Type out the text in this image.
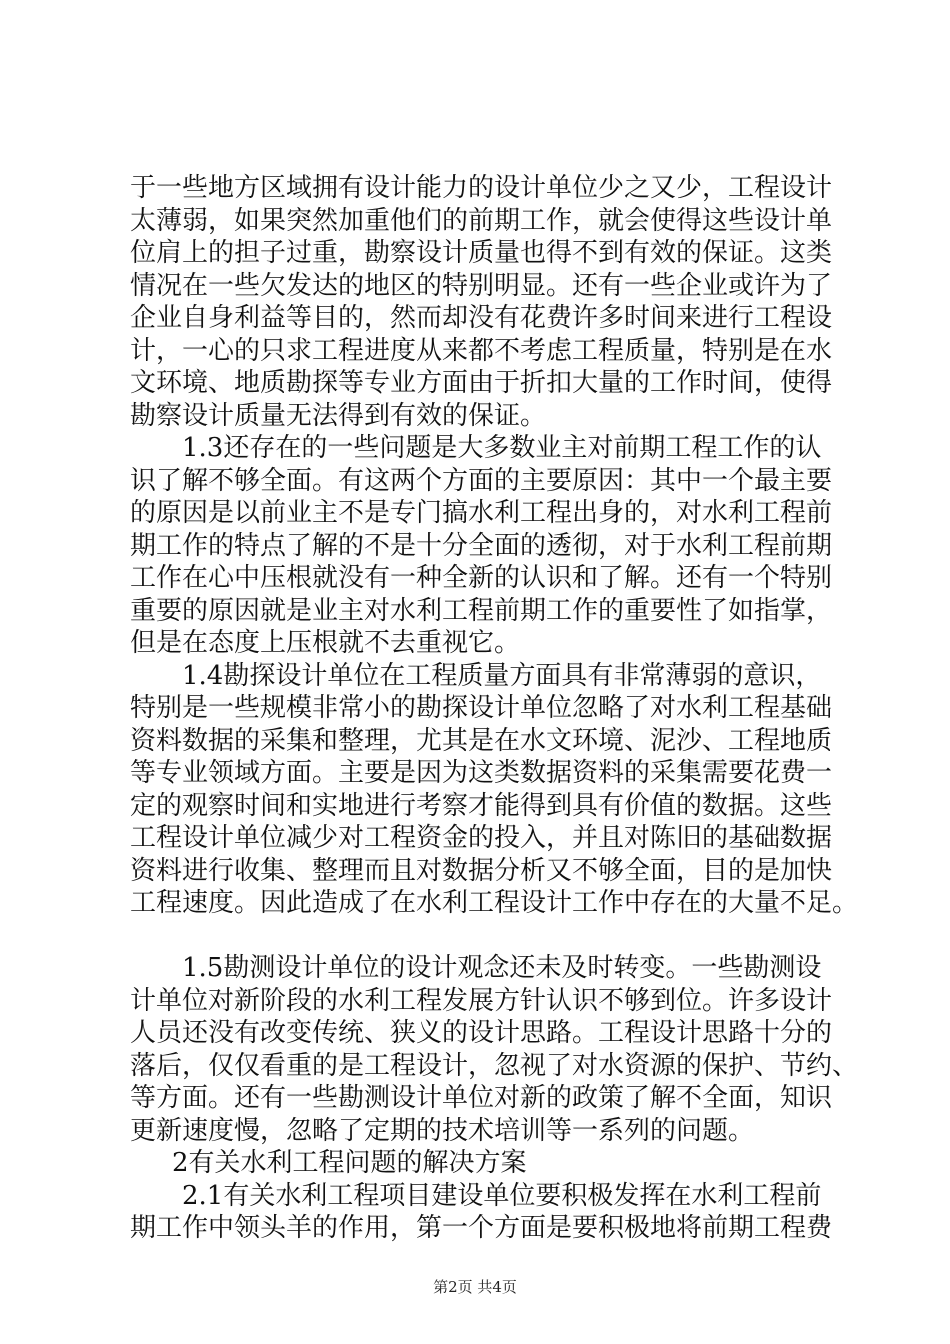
于一些地方区域拥有设计能力的设计单位少之又少，工程设计
太薄弱，如果突然加重他们的前期工作，就会使得这些设计单
位肩上的担子过重，勘察设计质量也得不到有效的保证。这类
情况在一些欠发达的地区的特别明显。还有一些企业或许为了
企业自身利益等目的，然而却没有花费许多时间来进行工程设
计，一心的只求工程进度从来都不考虑工程质量，特别是在水
文环境、地质勘探等专业方面由于折扣大量的工作时间，使得
勘察设计质量无法得到有效的保证。
1.3还存在的一些问题是大多数业主对前期工程工作的认
识了解不够全面。有这两个方面的主要原因：其中一个最主要
的原因是以前业主不是专门搞水利工程出身的，对水利工程前
期工作的特点了解的不是十分全面的透彻，对于水利工程前期
工作在心中压根就没有一种全新的认识和了解。还有一个特别
重要的原因就是业主对水利工程前期工作的重要性了如指掌，
但是在态度上压根就不去重视它。
1.4勘探设计单位在工程质量方面具有非常薄弱的意识，
特别是一些规模非常小的勘探设计单位忽略了对水利工程基础
资料数据的采集和整理，尤其是在水文环境、泥沙、工程地质
等专业领域方面。主要是因为这类数据资料的采集需要花费一
定的观察时间和实地进行考察才能得到具有价值的数据。这些
工程设计单位减少对工程资金的投入，并且对陈旧的基础数据
资料进行收集、整理而且对数据分析又不够全面，目的是加快
工程速度。因此造成了在水利工程设计工作中存在的大量不足。
1.5勘测设计单位的设计观念还未及时转变。一些勘测设
计单位对新阶段的水利工程发展方针认识不够到位。许多设计
人员还没有改变传统、狭义的设计思路。工程设计思路十分的
落后，仅仅看重的是工程设计，忽视了对水资源的保护、节约、
等方面。还有一些勘测设计单位对新的政策了解不全面，知识
更新速度慢，忽略了定期的技术培训等一系列的问题。
2有关水利工程问题的解决方案
2.1有关水利工程项目建设单位要积极发挥在水利工程前
期工作中领头羊的作用，第一个方面是要积极地将前期工程费
第2页 共4页
